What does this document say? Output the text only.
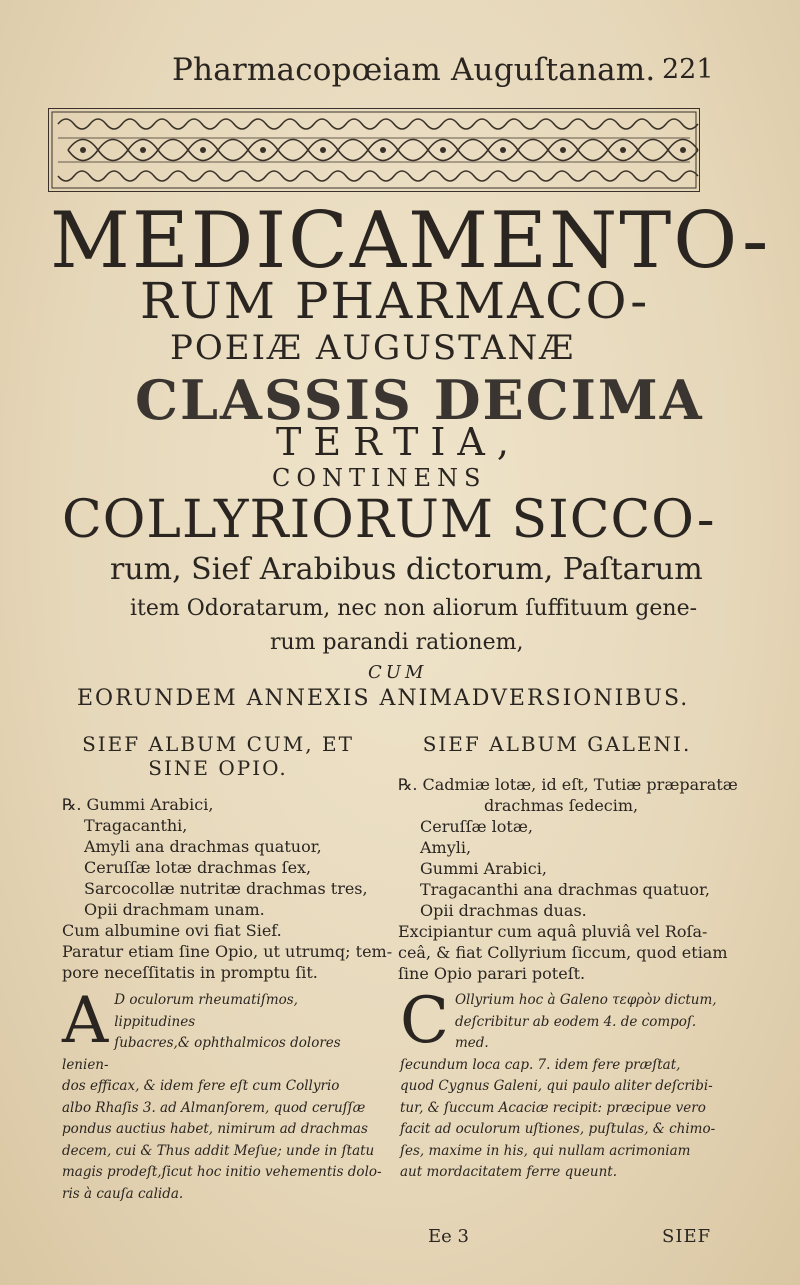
Pharmacopœiam Auguſtanam. 221
MEDICAMENTO-
RUM PHARMACO-
POEIÆ AUGUSTANÆ
CLASSIS DECIMA
TERTIA,
CONTINENS
COLLYRIORUM SICCO-
rum, Sief Arabibus dictorum, Paſtarum
item Odoratarum, nec non aliorum ſuffituum gene-
rum parandi rationem,
CUM
EORUNDEM ANNEXIS ANIMADVERSIONIBUS.
SIEF ALBUM CUM, ET
SINE OPIO.
℞. Gummi Arabici,
Tragacanthi,
Amyli ana drachmas quatuor,
Ceruſſæ lotæ drachmas ſex,
Sarcocollæ nutritæ drachmas tres,
Opii drachmam unam.
Cum albumine ovi fiat Sief.
Paratur etiam ſine Opio, ut utrumq; tem-
pore neceſſitatis in promptu ſit.
SIEF ALBUM GALENI.
℞. Cadmiæ lotæ, id eſt, Tutiæ præparatæ
drachmas ſedecim,
Ceruſſæ lotæ,
Amyli,
Gummi Arabici,
Tragacanthi ana drachmas quatuor,
Opii drachmas duas.
Excipiantur cum aquâ pluviâ vel Roſa-
ceâ, & fiat Collyrium ſiccum, quod etiam
ſine Opio parari poteſt.
A D oculorum rheumatiſmos, lippitudines
ſubacres,& ophthalmicos dolores lenien-
dos efficax, & idem fere eſt cum Collyrio
albo Rhaſis 3. ad Almanſorem, quod ceruſſæ
pondus auctius habet, nimirum ad drachmas
decem, cui & Thus addit Meſue; unde in ſtatu
magis prodeſt,ſicut hoc initio vehementis dolo-
ris à cauſa calida.
C Ollyrium hoc à Galeno τεφρὸν dictum,
deſcribitur ab eodem 4. de compoſ. med.
ſecundum loca cap. 7. idem fere præſtat,
quod Cygnus Galeni, qui paulo aliter deſcribi-
tur, & ſuccum Acaciæ recipit: præcipue vero
facit ad oculorum uſtiones, puſtulas, & chimo-
ſes, maxime in his, qui nullam acrimoniam
aut mordacitatem ferre queunt.
Ee 3	SIEF
